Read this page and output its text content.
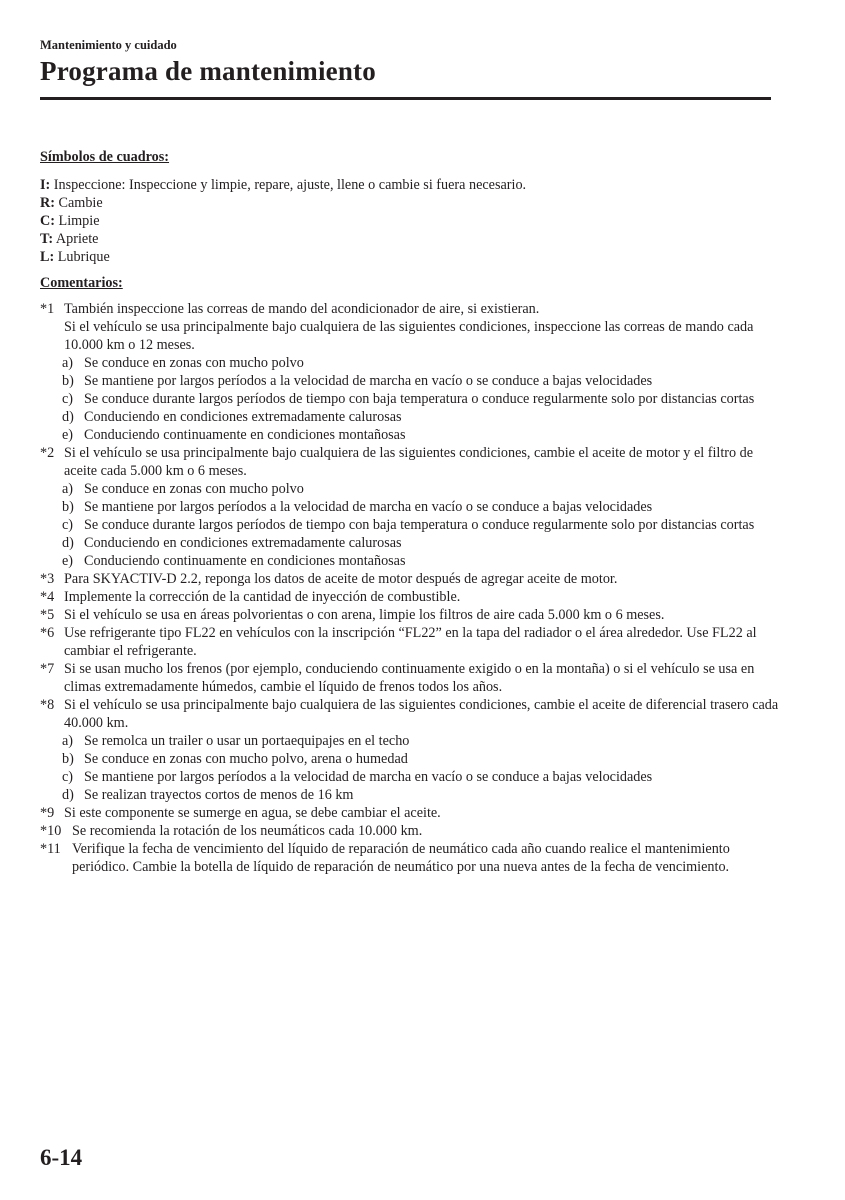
Mantenimiento y cuidado
Programa de mantenimiento

Símbolos de cuadros:

I: Inspeccione: Inspeccione y limpie, repare, ajuste, llene o cambie si fuera necesario.
R: Cambie
C: Limpie
T: Apriete
L: Lubrique

Comentarios:

*1 También inspeccione las correas de mando del acondicionador de aire, si existieran.
Si el vehículo se usa principalmente bajo cualquiera de las siguientes condiciones, inspeccione las correas de mando cada 10.000 km o 12 meses.
a) Se conduce en zonas con mucho polvo
b) Se mantiene por largos períodos a la velocidad de marcha en vacío o se conduce a bajas velocidades
c) Se conduce durante largos períodos de tiempo con baja temperatura o conduce regularmente solo por distancias cortas
d) Conduciendo en condiciones extremadamente calurosas
e) Conduciendo continuamente en condiciones montañosas
*2 Si el vehículo se usa principalmente bajo cualquiera de las siguientes condiciones, cambie el aceite de motor y el filtro de aceite cada 5.000 km o 6 meses.
a) Se conduce en zonas con mucho polvo
b) Se mantiene por largos períodos a la velocidad de marcha en vacío o se conduce a bajas velocidades
c) Se conduce durante largos períodos de tiempo con baja temperatura o conduce regularmente solo por distancias cortas
d) Conduciendo en condiciones extremadamente calurosas
e) Conduciendo continuamente en condiciones montañosas
*3 Para SKYACTIV-D 2.2, reponga los datos de aceite de motor después de agregar aceite de motor.
*4 Implemente la corrección de la cantidad de inyección de combustible.
*5 Si el vehículo se usa en áreas polvorientas o con arena, limpie los filtros de aire cada 5.000 km o 6 meses.
*6 Use refrigerante tipo FL22 en vehículos con la inscripción “FL22” en la tapa del radiador o el área alrededor. Use FL22 al cambiar el refrigerante.
*7 Si se usan mucho los frenos (por ejemplo, conduciendo continuamente exigido o en la montaña) o si el vehículo se usa en climas extremadamente húmedos, cambie el líquido de frenos todos los años.
*8 Si el vehículo se usa principalmente bajo cualquiera de las siguientes condiciones, cambie el aceite de diferencial trasero cada 40.000 km.
a) Se remolca un trailer o usar un portaequipajes en el techo
b) Se conduce en zonas con mucho polvo, arena o humedad
c) Se mantiene por largos períodos a la velocidad de marcha en vacío o se conduce a bajas velocidades
d) Se realizan trayectos cortos de menos de 16 km
*9 Si este componente se sumerge en agua, se debe cambiar el aceite.
*10 Se recomienda la rotación de los neumáticos cada 10.000 km.
*11 Verifique la fecha de vencimiento del líquido de reparación de neumático cada año cuando realice el mantenimiento periódico. Cambie la botella de líquido de reparación de neumático por una nueva antes de la fecha de vencimiento.
6-14
